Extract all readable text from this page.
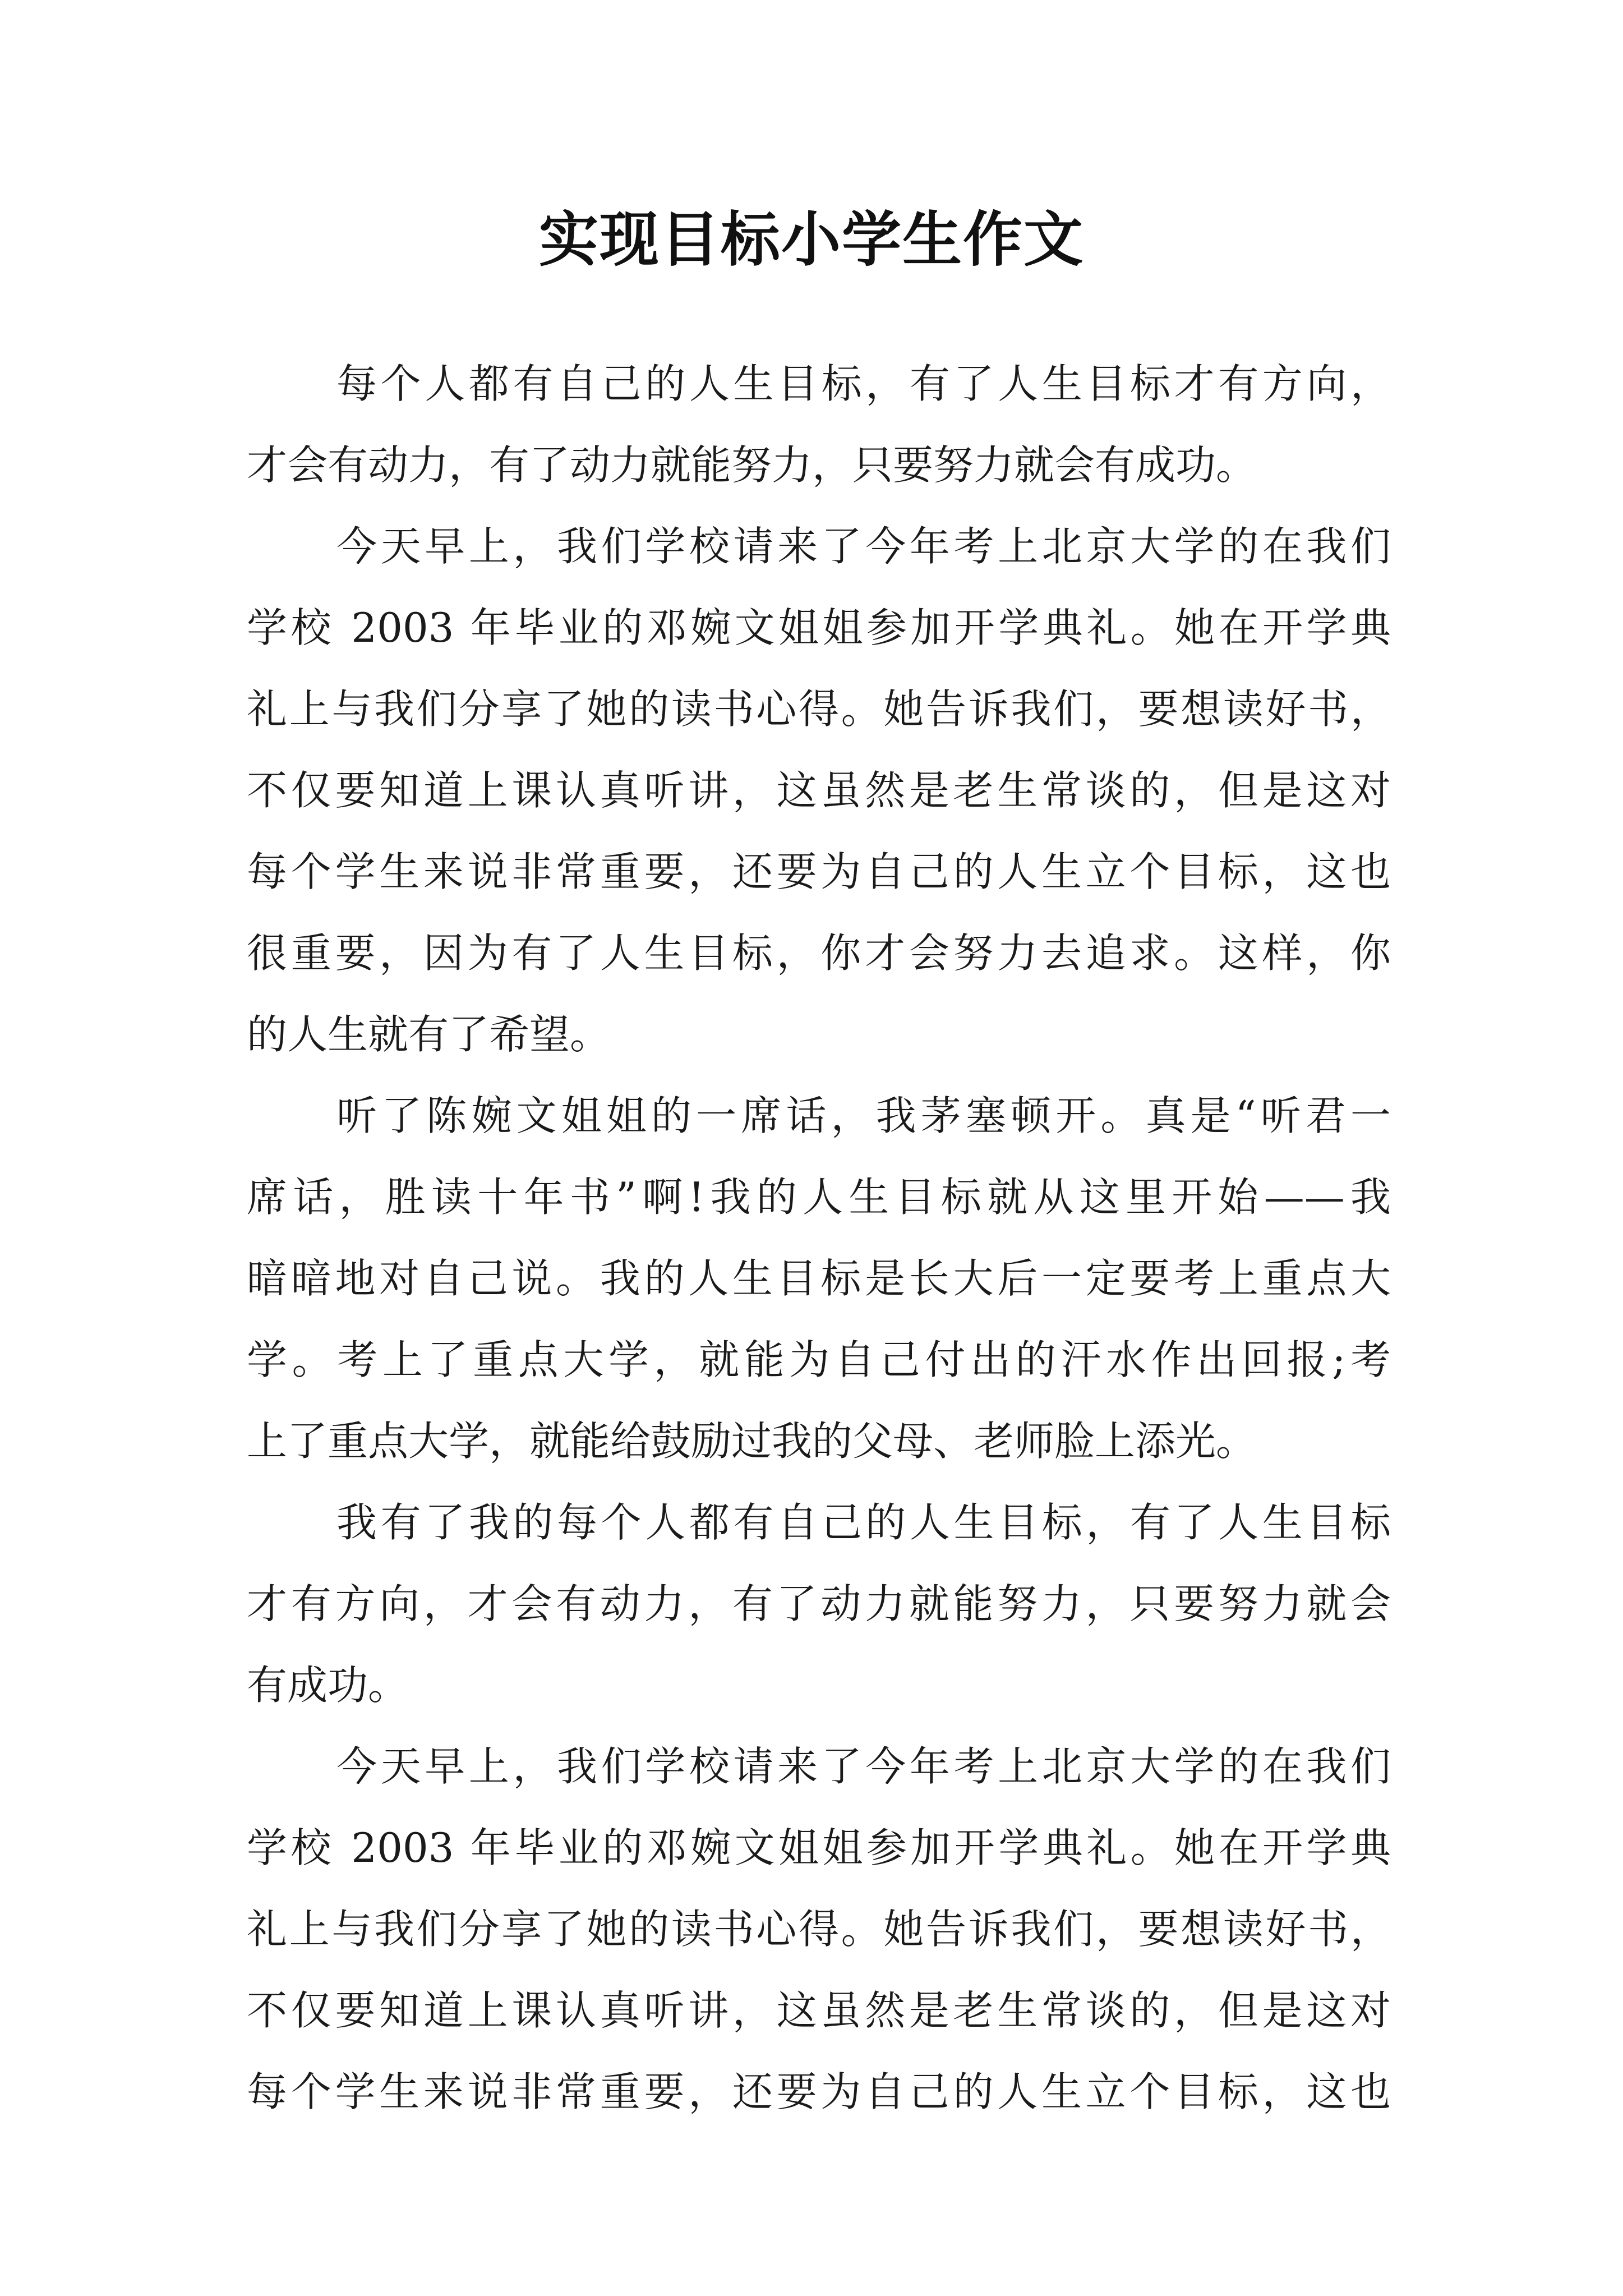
实现目标小学生作文
每个人都有自己的人生目标，有了人生目标才有方向，
才会有动力，有了动力就能努力，只要努力就会有成功。
今天早上，我们学校请来了今年考上北京大学的在我们
学校 2003 年毕业的邓婉文姐姐参加开学典礼。她在开学典
礼上与我们分享了她的读书心得。她告诉我们，要想读好书，
不仅要知道上课认真听讲，这虽然是老生常谈的，但是这对
每个学生来说非常重要，还要为自己的人生立个目标，这也
很重要，因为有了人生目标，你才会努力去追求。这样，你
的人生就有了希望。
听了陈婉文姐姐的一席话，我茅塞顿开。真是“听君一
席话，胜读十年书”啊!我的人生目标就从这里开始——我
暗暗地对自己说。我的人生目标是长大后一定要考上重点大
学。考上了重点大学，就能为自己付出的汗水作出回报;考
上了重点大学，就能给鼓励过我的父母、老师脸上添光。
我有了我的每个人都有自己的人生目标，有了人生目标
才有方向，才会有动力，有了动力就能努力，只要努力就会
有成功。
今天早上，我们学校请来了今年考上北京大学的在我们
学校 2003 年毕业的邓婉文姐姐参加开学典礼。她在开学典
礼上与我们分享了她的读书心得。她告诉我们，要想读好书，
不仅要知道上课认真听讲，这虽然是老生常谈的，但是这对
每个学生来说非常重要，还要为自己的人生立个目标，这也
